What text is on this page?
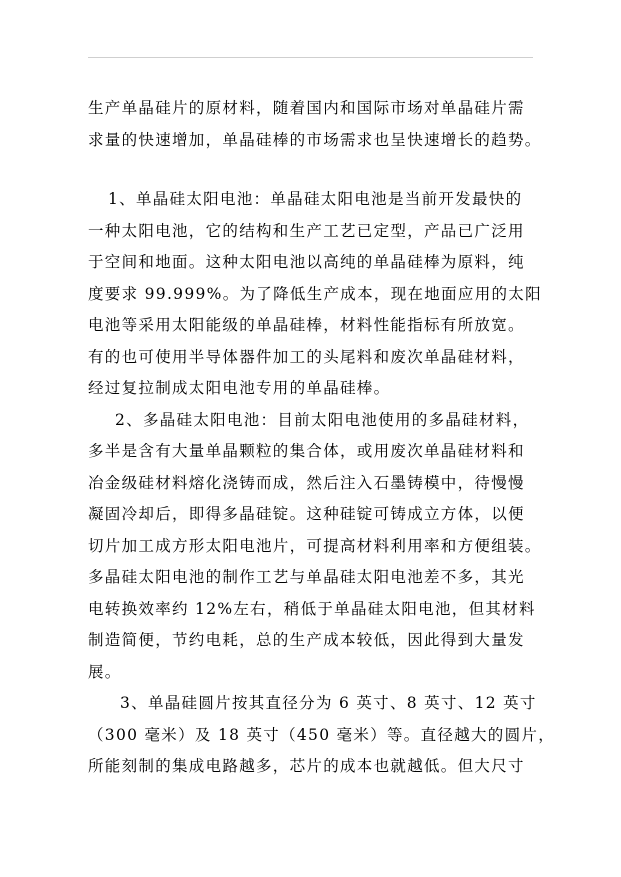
生产单晶硅片的原材料，随着国内和国际市场对单晶硅片需
求量的快速增加，单晶硅棒的市场需求也呈快速增长的趋势。
1、单晶硅太阳电池：单晶硅太阳电池是当前开发最快的
一种太阳电池，它的结构和生产工艺已定型，产品已广泛用
于空间和地面。这种太阳电池以高纯的单晶硅棒为原料，纯
度要求 99.999%。为了降低生产成本，现在地面应用的太阳
电池等采用太阳能级的单晶硅棒，材料性能指标有所放宽。
有的也可使用半导体器件加工的头尾料和废次单晶硅材料，
经过复拉制成太阳电池专用的单晶硅棒。
2、多晶硅太阳电池：目前太阳电池使用的多晶硅材料，
多半是含有大量单晶颗粒的集合体，或用废次单晶硅材料和
冶金级硅材料熔化浇铸而成，然后注入石墨铸模中，待慢慢
凝固冷却后，即得多晶硅锭。这种硅锭可铸成立方体，以便
切片加工成方形太阳电池片，可提高材料利用率和方便组装。
多晶硅太阳电池的制作工艺与单晶硅太阳电池差不多，其光
电转换效率约 12%左右，稍低于单晶硅太阳电池，但其材料
制造简便，节约电耗，总的生产成本较低，因此得到大量发
展。
3、单晶硅圆片按其直径分为 6 英寸、8 英寸、12 英寸
（300 毫米）及 18 英寸（450 毫米）等。直径越大的圆片，
所能刻制的集成电路越多，芯片的成本也就越低。但大尺寸
